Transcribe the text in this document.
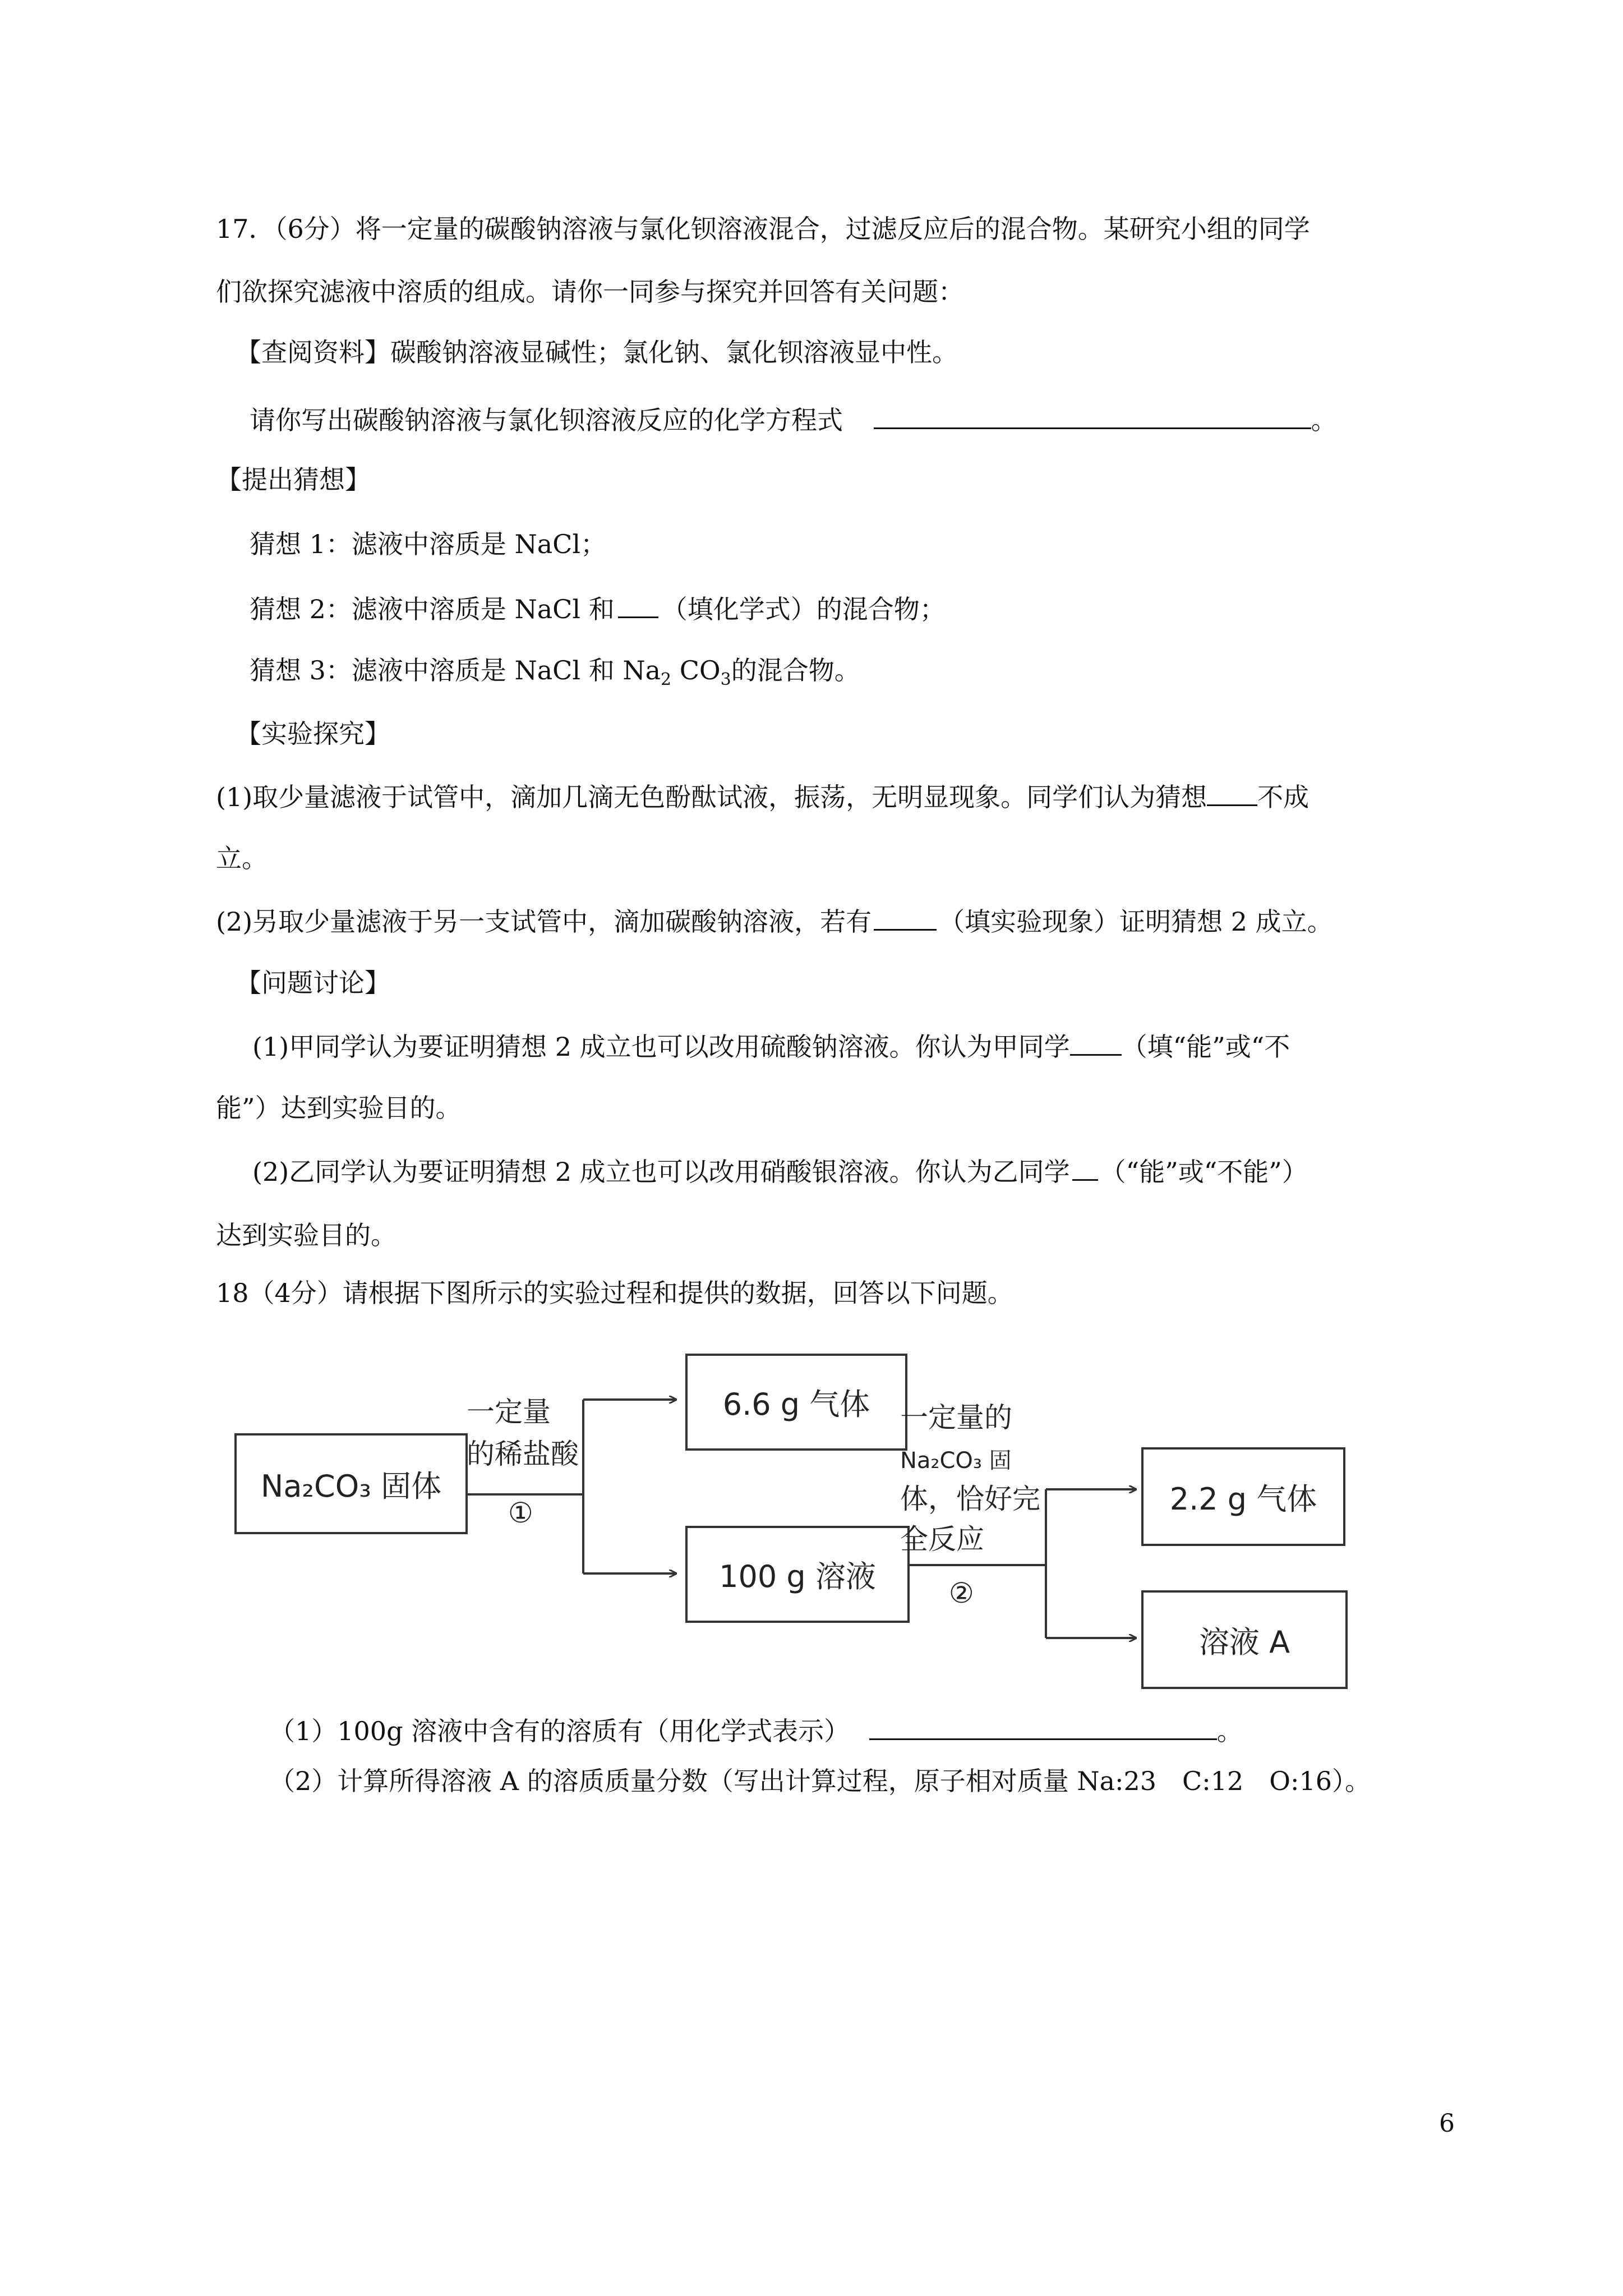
17．（6分）将一定量的碳酸钠溶液与氯化钡溶液混合，过滤反应后的混合物。某研究小组的同学
们欲探究滤液中溶质的组成。请你一同参与探究并回答有关问题：
【查阅资料】碳酸钠溶液显碱性；氯化钠、氯化钡溶液显中性。
请你写出碳酸钠溶液与氯化钡溶液反应的化学方程式	。
【提出猜想】
猜想 1：滤液中溶质是 NaCl；
猜想 2：滤液中溶质是 NaCl 和 （填化学式）的混合物；
猜想 3：滤液中溶质是 NaCl 和 $Na_2$ $CO_3$的混合物。
【实验探究】
(1)取少量滤液于试管中，滴加几滴无色酚酞试液，振荡，无明显现象。同学们认为猜想 不成
立。
(2)另取少量滤液于另一支试管中，滴加碳酸钠溶液，若有	（填实验现象）证明猜想 2 成立。
【问题讨论】
(1)甲同学认为要证明猜想 2 成立也可以改用硫酸钠溶液。你认为甲同学 （填“能”或“不
能”）达到实验目的。
(2)乙同学认为要证明猜想 2 成立也可以改用硝酸银溶液。你认为乙同学 （“能”或“不能”）
达到实验目的。
18（4分）请根据下图所示的实验过程和提供的数据，回答以下问题。
Na₂CO₃ 固体
6.6 g 气体
100 g 溶液
2.2 g 气体
溶液 A
一定量
的稀盐酸
①
一定量的
Na₂CO₃ 固
体，恰好完
全反应
②
（1）100g 溶液中含有的溶质有（用化学式表示）	。
（2）计算所得溶液 A 的溶质质量分数（写出计算过程，原子相对质量 Na:23　C:12　O:16）。
6
